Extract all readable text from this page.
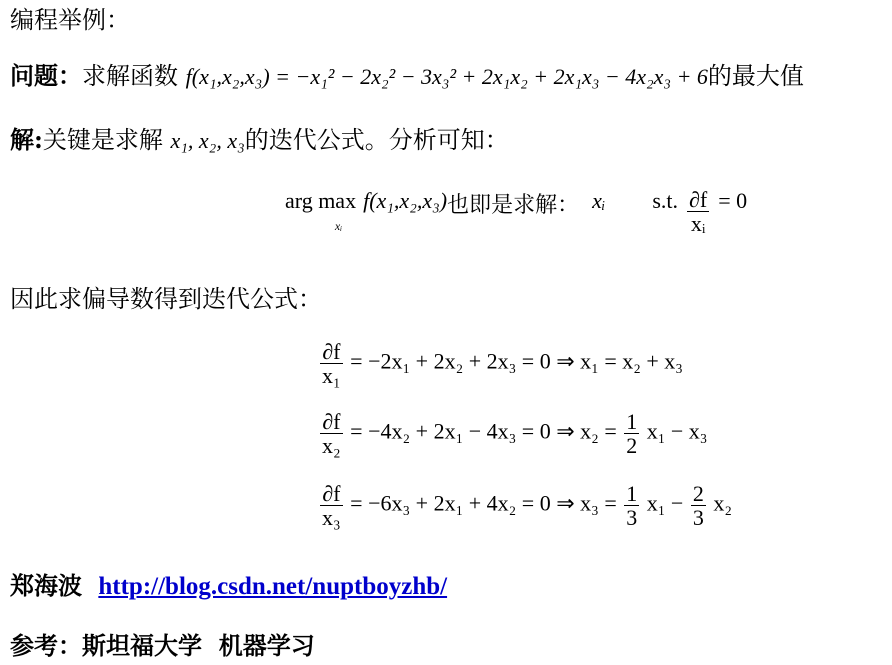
编程举例：
问题：求解函数 f(x₁,x₂,x₃) = −x₁² − 2x₂² − 3x₃² + 2x₁x₂ + 2x₁x₃ − 4x₂x₃ + 6的最大值
解:关键是求解 x₁, x₂, x₃的迭代公式。分析可知：
arg max
xᵢ f(x₁,x₂,x₃)也即是求解： xᵢ s.t. $\frac{\partial f}{\text{xᵢ}} = 0$
因此求偏导数得到迭代公式：
$\frac{\partial f}{\text{x₁}} = -2x_1 + 2x_2 + 2x_3 = 0$ ⇒ x₁ = x₂ + x₃
$\frac{\partial f}{\text{x₂}} = -4x_2 + 2x_1 - 4x_3 = 0$ ⇒ $x_2 = \frac{1}{2} x_1 - x_3$
$\frac{\partial f}{\text{x₃}} = -6x_3 + 2x_1 + 4x_2 = 0$ ⇒ $x_3 = \frac{1}{3} x_1 - \frac{2}{3} x_2$
郑海波 http://blog.csdn.net/nuptboyzhb/
参考：斯坦福大学  机器学习
